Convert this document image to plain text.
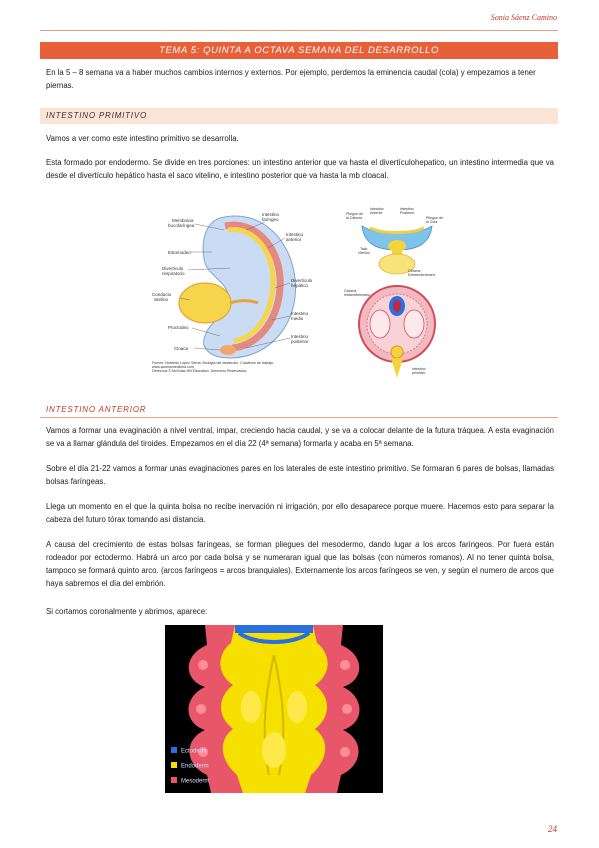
Sonia Sáenz Camino
TEMA 5: QUINTA A OCTAVA SEMANA DEL DESARROLLO
En la 5 – 8 semana va a haber muchos cambios internos y externos. Por ejemplo, perdemos la eminencia caudal (cola) y empezamos a tener piernas.
INTESTINO PRIMITIVO
Vamos a ver como este intestino primitivo se desarrolla.
Esta formado por endodermo. Se divide en tres porciones: un intestino anterior que va hasta el divertículohepatico, un intestino intermedia que va desde el divertículo hepático hasta el saco vitelino, e intestino posterior que va hasta la mb cloacal.
Membrana
bucofaríngea
Estomodeo
Divertículo
respiratorio
Conducto
vitelino
Proctodeo
Cloaca
Intestino
faríngeo
Intestino
anterior
Divertículo
hepático
Intestino
medio
Intestino
posterior
Fuente: Norberto López Serna: Biología del desarrollo. Cuaderno de trabajo,
www.accessmedicina.com
Derechos © McGraw-Hill Education. Derechos Reservados.
Pliegue de
la Cabeza
Intestino
Anterior
Intestino
Posterior
Pliegue de
la Cola
Tallo
Vitelino
Celoma
Extraembrionario
Celoma
intraembrionario
Intestino
primitivo
INTESTINO ANTERIOR
Vamos a formar una evaginación a nivel ventral, impar, creciendo hacia caudal, y se va a colocar delante de la futura tráquea. A esta evaginación se va a llamar glándula del tiroides. Empezamos en el día 22 (4ª semana) formarla y acaba en 5ª semana.
Sobre el día 21-22 vamos a formar unas evaginaciones pares en los laterales de este intestino primitivo. Se formaran 6 pares de bolsas, llamadas bolsas faríngeas.
Llega un momento en el que la quinta bolsa no recibe inervación ni irrigación, por ello desaparece porque muere. Hacemos esto para separar la cabeza del futuro tórax tomando así distancia.
A causa del crecimiento de estas bolsas faríngeas, se forman pliegues del mesodermo, dando lugar a los arcos faríngeos. Por fuera están rodeador por ectodermo. Habrá un arco por cada bolsa y se numeraran igual que las bolsas (con números romanos). Al no tener quinta bolsa, tampoco se formará quinto arco. (arcos faríngeos = arcos branquiales). Externamente los arcos faríngeos se ven, y según el numero de arcos que haya sabremos el día del embrión.
Si cortamos coronalmente y abrimos, aparece:
Ectoderm
Endoderm
Mesoderm
24
